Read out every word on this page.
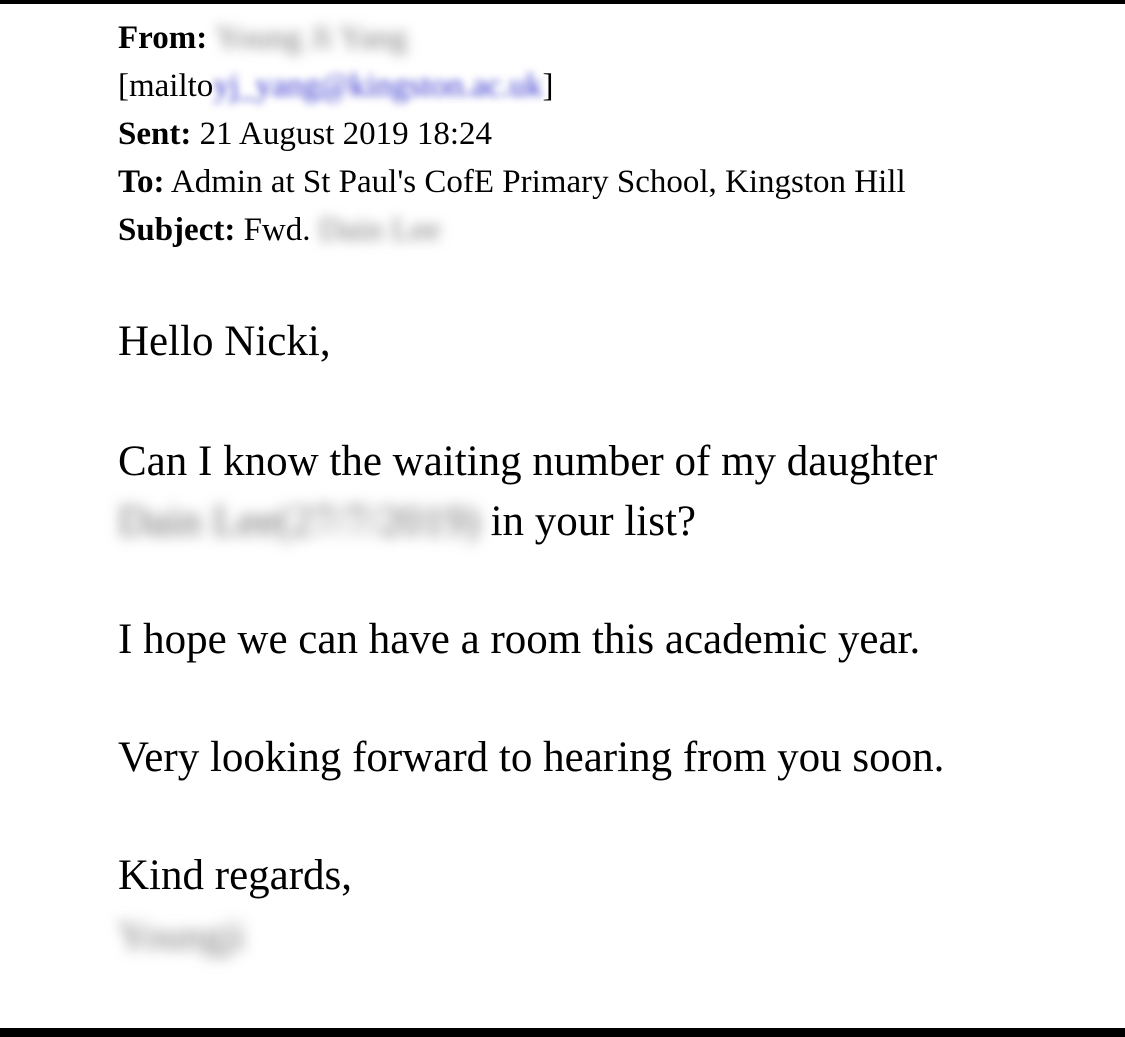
From: Young Ji Yang
[mailtoyj_yang@kingston.ac.uk]
Sent: 21 August 2019 18:24
To: Admin at St Paul's CofE Primary School, Kingston Hill
Subject: Fwd. Dain Lee

Hello Nicki,

Can I know the waiting number of my daughter

Dain Lee(27/7/2019) in your list?

I hope we can have a room this academic year.

Very looking forward to hearing from you soon.

Kind regards,

Youngji
